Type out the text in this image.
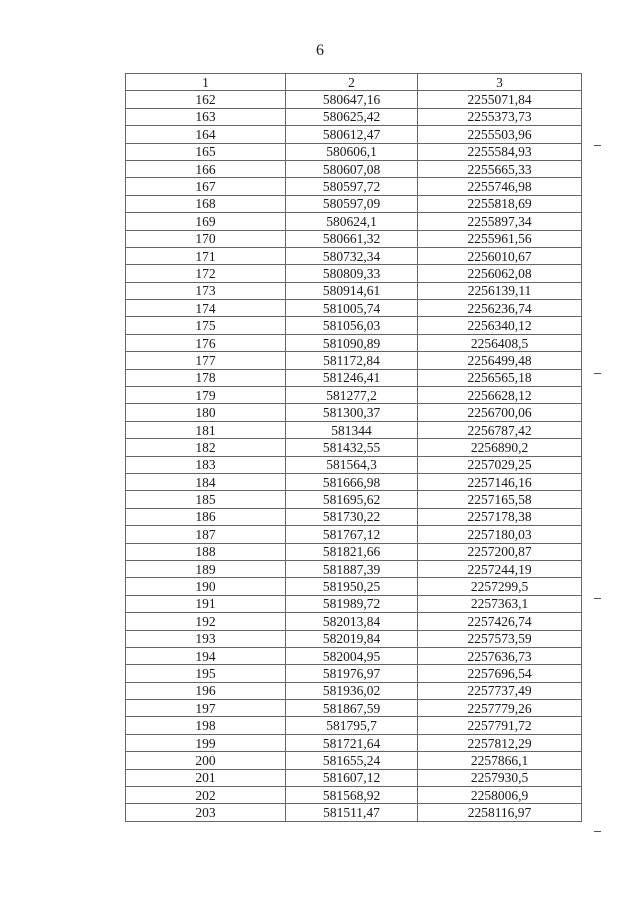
6
1	2	3
162	580647,16	2255071,84
163	580625,42	2255373,73
164	580612,47	2255503,96
165	580606,1	2255584,93
166	580607,08	2255665,33
167	580597,72	2255746,98
168	580597,09	2255818,69
169	580624,1	2255897,34
170	580661,32	2255961,56
171	580732,34	2256010,67
172	580809,33	2256062,08
173	580914,61	2256139,11
174	581005,74	2256236,74
175	581056,03	2256340,12
176	581090,89	2256408,5
177	581172,84	2256499,48
178	581246,41	2256565,18
179	581277,2	2256628,12
180	581300,37	2256700,06
181	581344	2256787,42
182	581432,55	2256890,2
183	581564,3	2257029,25
184	581666,98	2257146,16
185	581695,62	2257165,58
186	581730,22	2257178,38
187	581767,12	2257180,03
188	581821,66	2257200,87
189	581887,39	2257244,19
190	581950,25	2257299,5
191	581989,72	2257363,1
192	582013,84	2257426,74
193	582019,84	2257573,59
194	582004,95	2257636,73
195	581976,97	2257696,54
196	581936,02	2257737,49
197	581867,59	2257779,26
198	581795,7	2257791,72
199	581721,64	2257812,29
200	581655,24	2257866,1
201	581607,12	2257930,5
202	581568,92	2258006,9
203	581511,47	2258116,97
